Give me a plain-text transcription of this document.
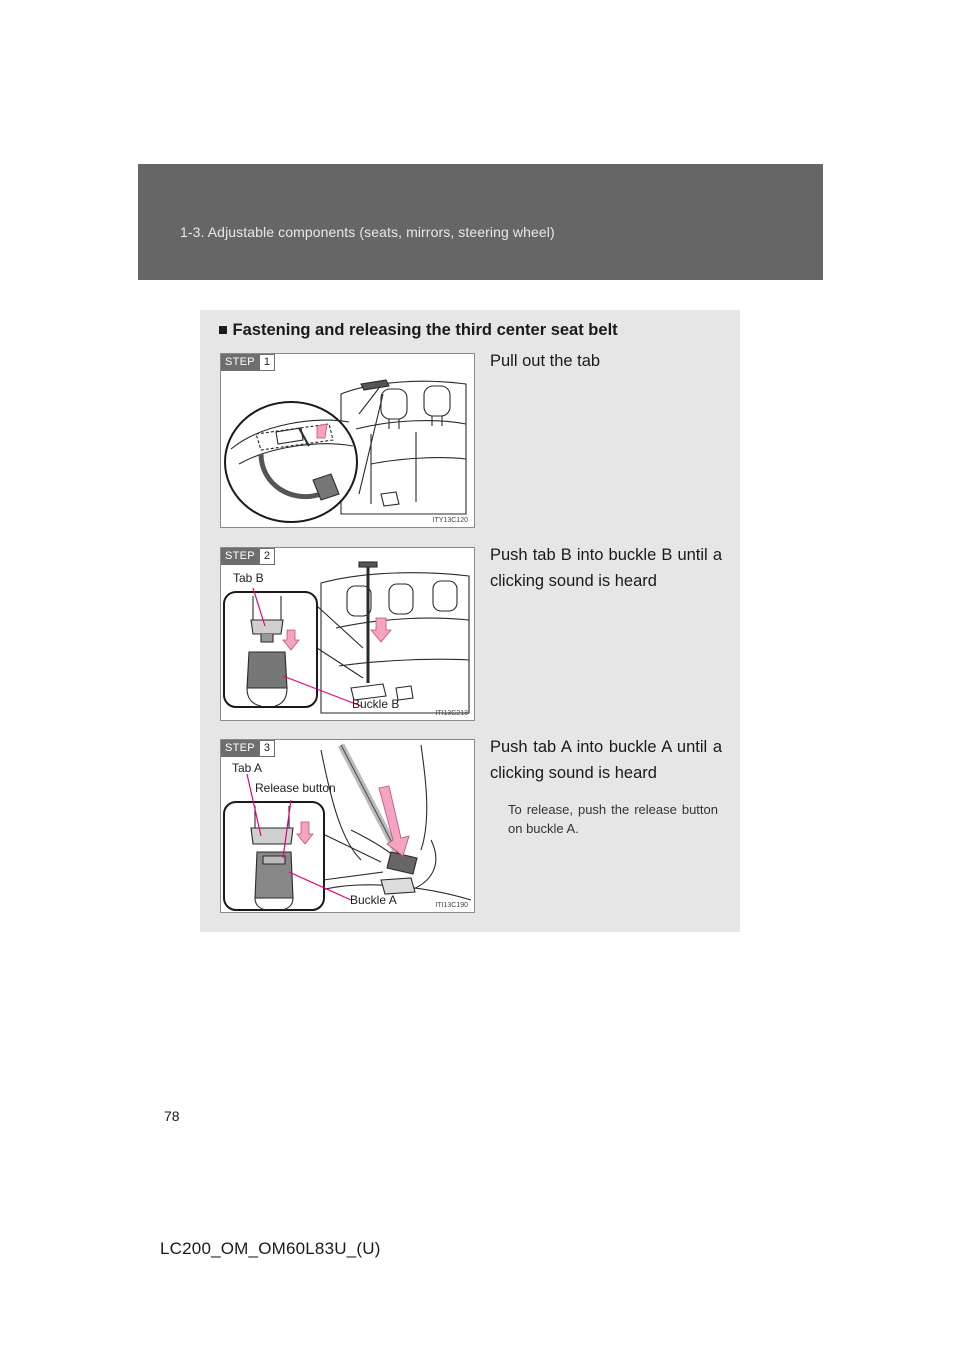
1-3. Adjustable components (seats, mirrors, steering wheel)
■ Fastening and releasing the third center seat belt
STEP 1
ITY13C120
Pull out the tab
STEP 2
Tab B
Buckle B
ITI13C213
Push tab B into buckle B until a clicking sound is heard
STEP 3
Tab A
Release button
Buckle A	ITI13C190
Push tab A into buckle A until a clicking sound is heard
To release, push the release button on buckle A.
78
LC200_OM_OM60L83U_(U)
